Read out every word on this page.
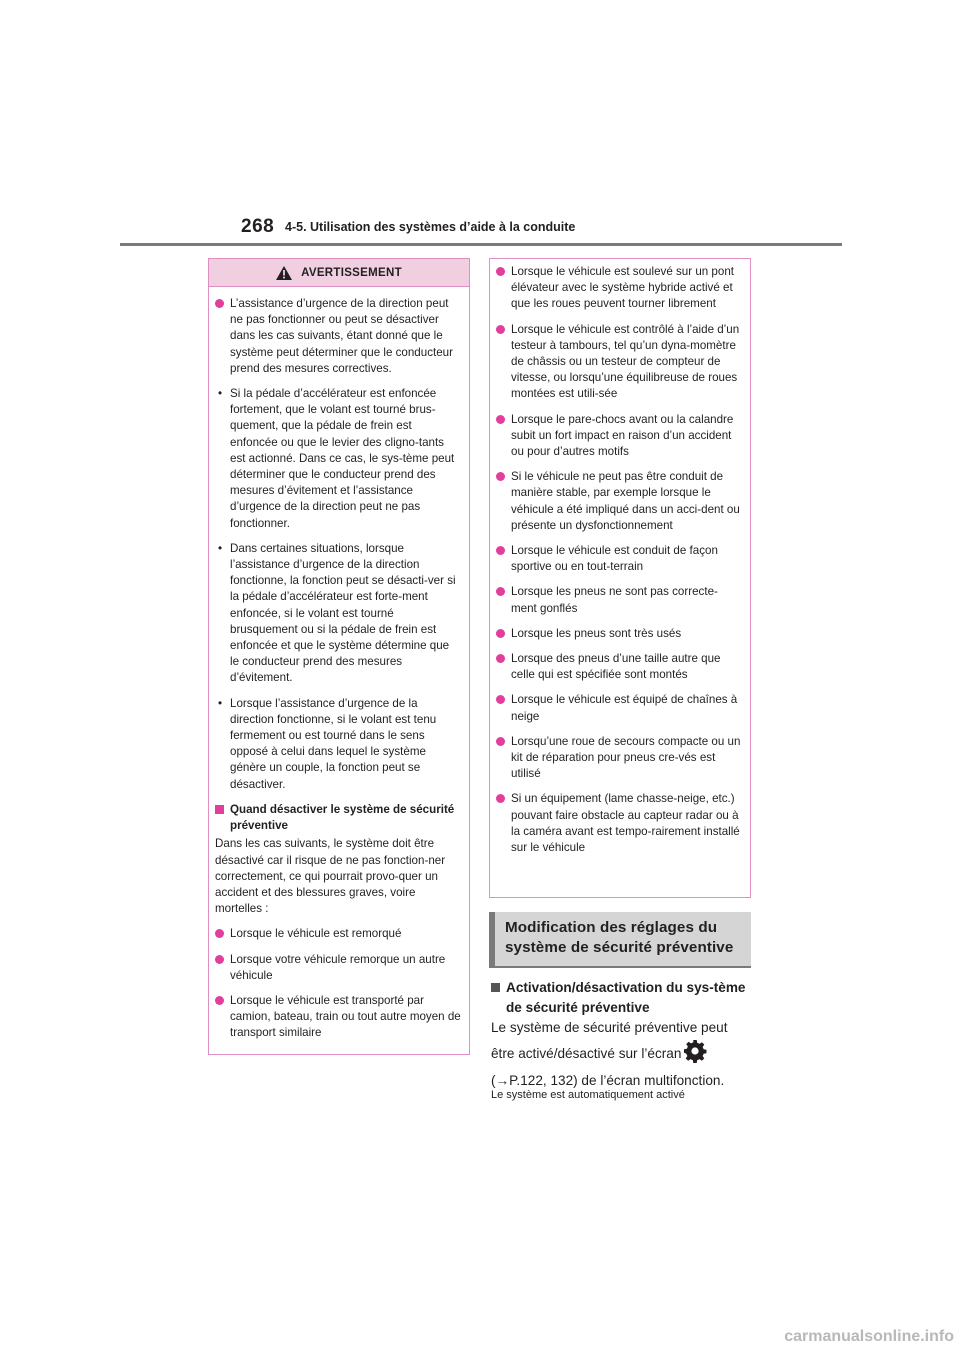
268 4-5. Utilisation des systèmes d’aide à la conduite
AVERTISSEMENT
L’assistance d’urgence de la direction peut ne pas fonctionner ou peut se désactiver dans les cas suivants, étant donné que le système peut déterminer que le conducteur prend des mesures correctives.
• Si la pédale d’accélérateur est enfoncée fortement, que le volant est tourné brus-quement, que la pédale de frein est enfoncée ou que le levier des cligno-tants est actionné. Dans ce cas, le sys-tème peut déterminer que le conducteur prend des mesures d’évitement et l’assistance d’urgence de la direction peut ne pas fonctionner.
• Dans certaines situations, lorsque l’assistance d’urgence de la direction fonctionne, la fonction peut se désacti-ver si la pédale d’accélérateur est forte-ment enfoncée, si le volant est tourné brusquement ou si la pédale de frein est enfoncée et que le système détermine que le conducteur prend des mesures d’évitement.
• Lorsque l’assistance d’urgence de la direction fonctionne, si le volant est tenu fermement ou est tourné dans le sens opposé à celui dans lequel le système génère un couple, la fonction peut se désactiver.
Quand désactiver le système de sécurité préventive
Dans les cas suivants, le système doit être désactivé car il risque de ne pas fonction-ner correctement, ce qui pourrait provo-quer un accident et des blessures graves, voire mortelles :
Lorsque le véhicule est remorqué
Lorsque votre véhicule remorque un autre véhicule
Lorsque le véhicule est transporté par camion, bateau, train ou tout autre moyen de transport similaire
Lorsque le véhicule est soulevé sur un pont élévateur avec le système hybride activé et que les roues peuvent tourner librement
Lorsque le véhicule est contrôlé à l’aide d’un testeur à tambours, tel qu’un dyna-momètre de châssis ou un testeur de compteur de vitesse, ou lorsqu’une équilibreuse de roues montées est utili-sée
Lorsque le pare-chocs avant ou la calandre subit un fort impact en raison d’un accident ou pour d’autres motifs
Si le véhicule ne peut pas être conduit de manière stable, par exemple lorsque le véhicule a été impliqué dans un acci-dent ou présente un dysfonctionnement
Lorsque le véhicule est conduit de façon sportive ou en tout-terrain
Lorsque les pneus ne sont pas correcte-ment gonflés
Lorsque les pneus sont très usés
Lorsque des pneus d’une taille autre que celle qui est spécifiée sont montés
Lorsque le véhicule est équipé de chaînes à neige
Lorsqu’une roue de secours compacte ou un kit de réparation pour pneus cre-vés est utilisé
Si un équipement (lame chasse-neige, etc.) pouvant faire obstacle au capteur radar ou à la caméra avant est tempo-rairement installé sur le véhicule
Modification des réglages du
système de sécurité préventive
Activation/désactivation du sys-tème de sécurité préventive
Le système de sécurité préventive peut être activé/désactivé sur l’écran
(→P.122, 132) de l’écran multifonction.
Le système est automatiquement activé
carmanualsonline.info
